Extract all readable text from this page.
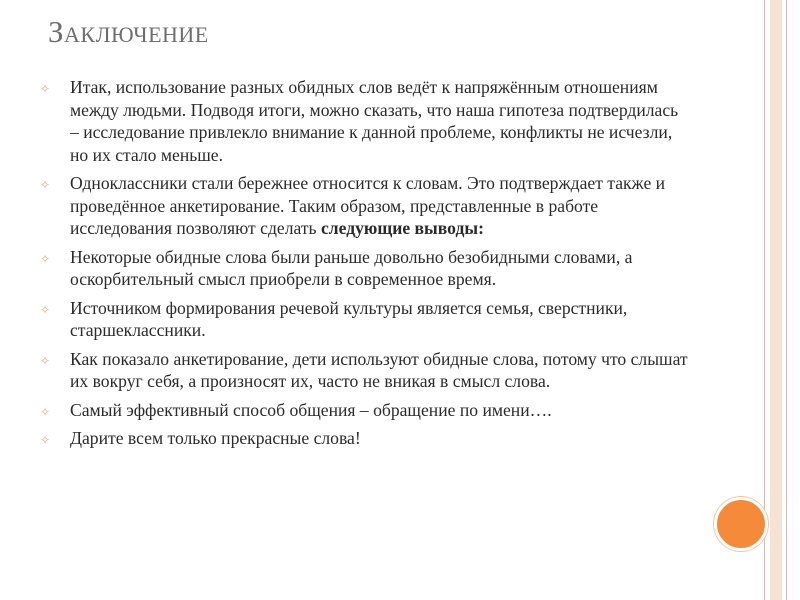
Заключение
✧ Итак, использование разных обидных слов ведёт к напряжённым отношениям между людьми. Подводя итоги, можно сказать, что наша гипотеза подтвердилась – исследование привлекло внимание к данной проблеме, конфликты не исчезли, но их стало меньше.
✧ Одноклассники стали бережнее относится к словам. Это подтверждает также и проведённое анкетирование. Таким образом, представленные в работе исследования позволяют сделать следующие выводы:
✧ Некоторые обидные слова были раньше довольно безобидными словами, а оскорбительный смысл приобрели в современное время.
✧ Источником формирования речевой культуры является семья, сверстники, старшеклассники.
✧ Как показало анкетирование, дети используют обидные слова, потому что слышат их вокруг себя, а произносят их, часто не вникая в смысл слова.
✧ Самый эффективный способ общения – обращение по имени….
✧ Дарите всем только прекрасные слова!
